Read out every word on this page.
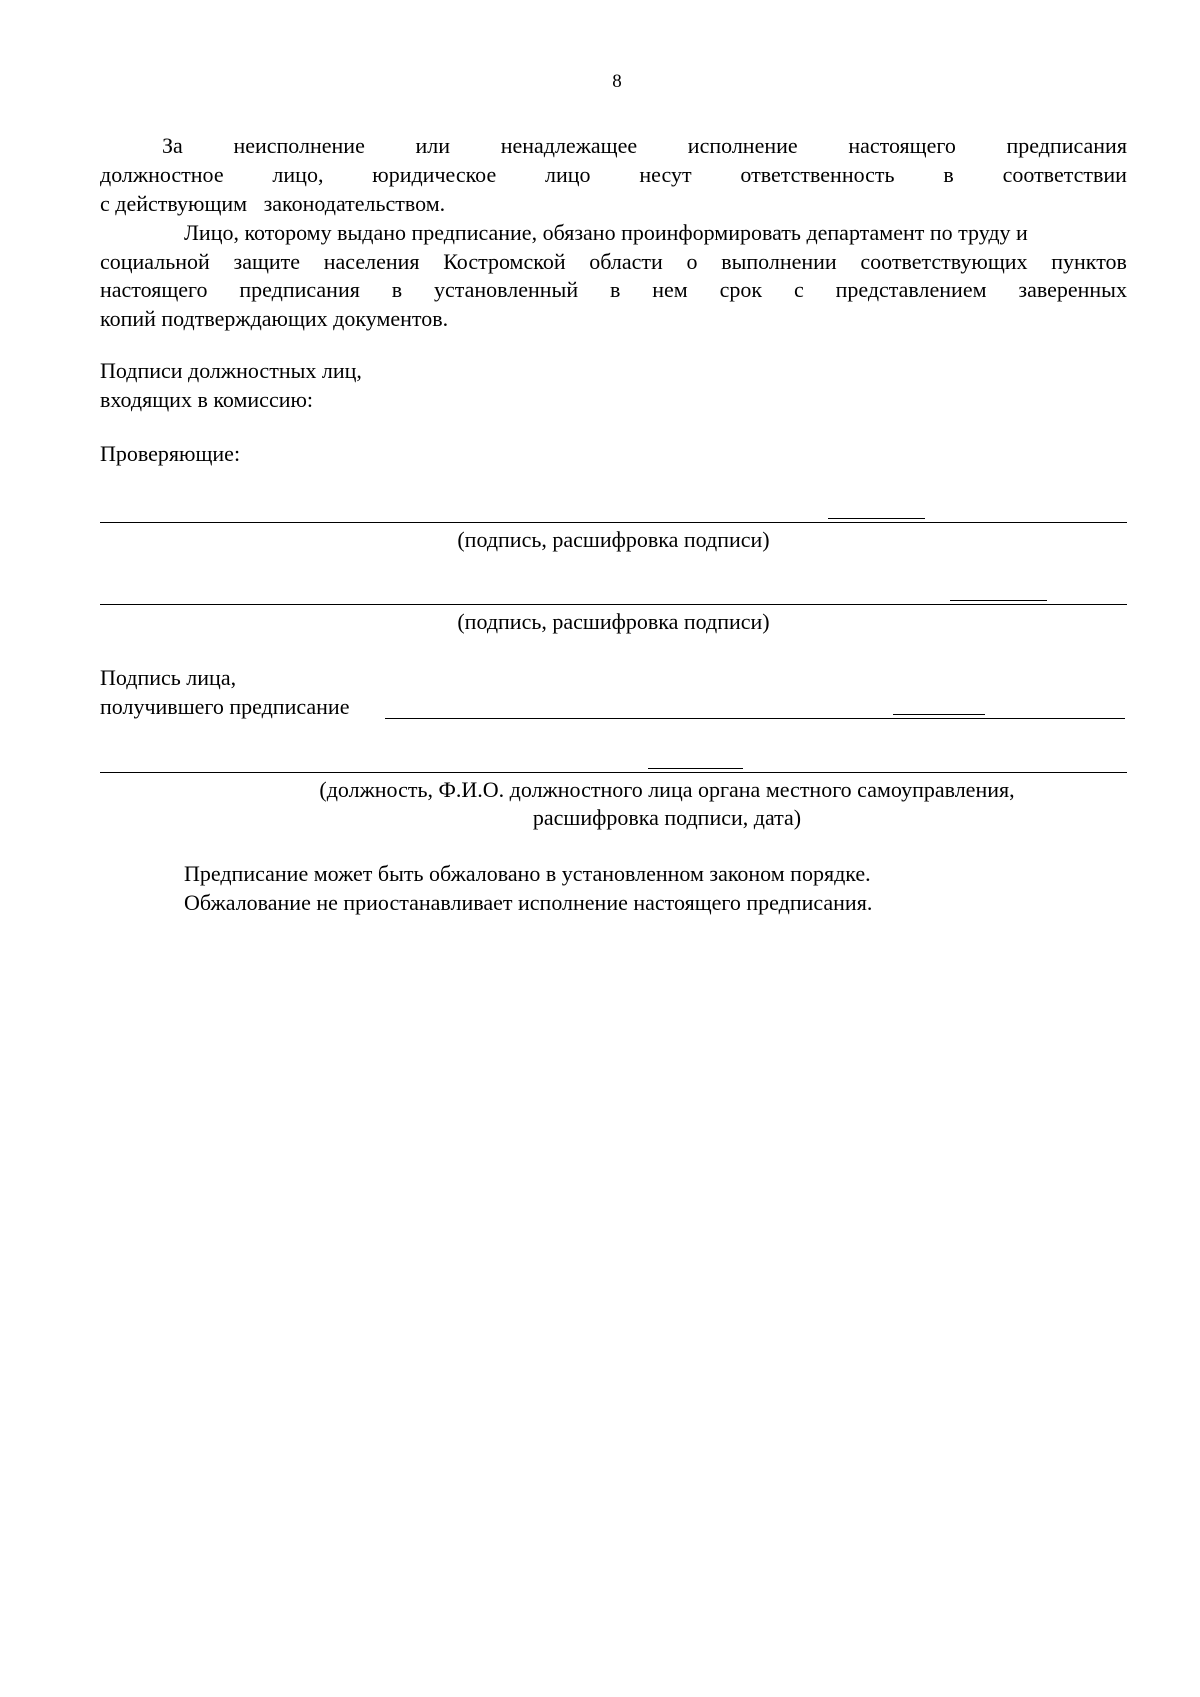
8
За неисполнение или ненадлежащее исполнение настоящего предписания
должностное лицо, юридическое лицо несут ответственность в соответствии
с действующим   законодательством.
Лицо, которому выдано предписание, обязано проинформировать департамент по труду и
социальной защите населения Костромской области о выполнении соответствующих пунктов
настоящего предписания в установленный в нем срок с представлением заверенных
копий подтверждающих документов.
Подписи должностных лиц,
входящих в комиссию:
Проверяющие:
(подпись, расшифровка подписи)
(подпись, расшифровка подписи)
Подпись лица,
получившего предписание
(должность, Ф.И.О. должностного лица органа местного самоуправления,
расшифровка подписи, дата)
Предписание может быть обжаловано в установленном законом порядке.
Обжалование не приостанавливает исполнение настоящего предписания.
